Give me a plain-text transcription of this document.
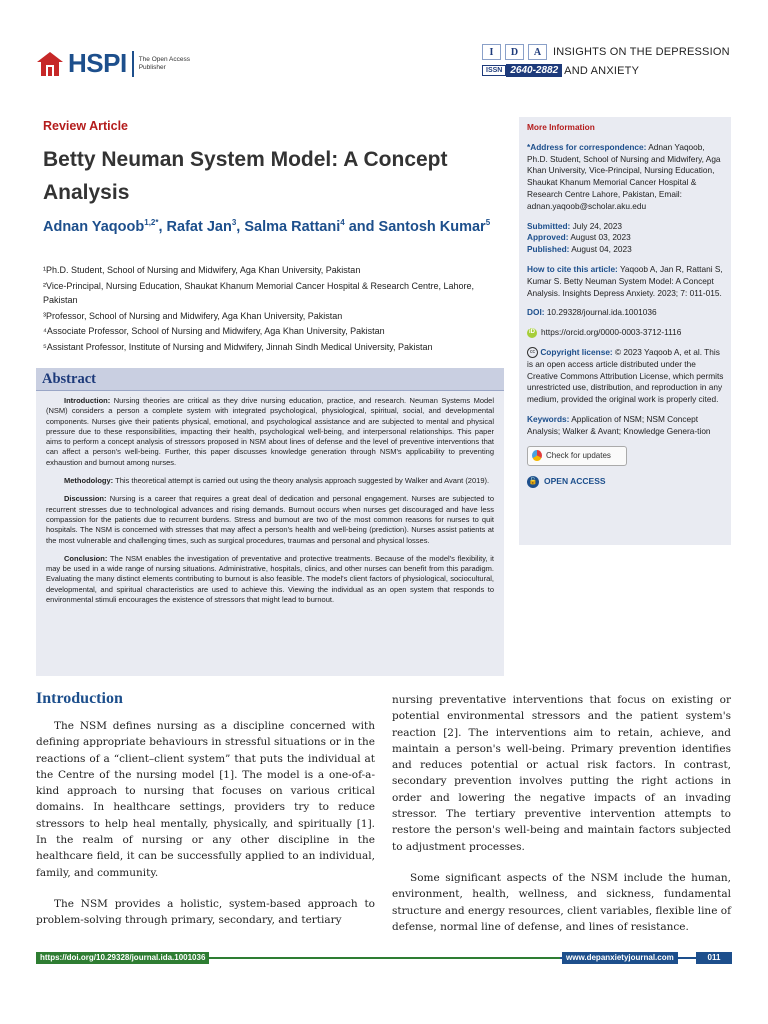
HSPI The Open Access Publisher
I	D	A	INSIGHTS ON THE DEPRESSION
ISSN 2640-2882 AND ANXIETY
Review Article
Betty Neuman System Model: A Concept Analysis
Adnan Yaqoob$^{1,2*}$, Rafat Jan$^3$, Salma Rattani$^4$ and Santosh Kumar$^5$

¹Ph.D. Student, School of Nursing and Midwifery, Aga Khan University, Pakistan

²Vice-Principal, Nursing Education, Shaukat Khanum Memorial Cancer Hospital & Research Centre, Lahore, Pakistan

³Professor, School of Nursing and Midwifery, Aga Khan University, Pakistan

⁴Associate Professor, School of Nursing and Midwifery, Aga Khan University, Pakistan

⁵Assistant Professor, Institute of Nursing and Midwifery, Jinnah Sindh Medical University, Pakistan

Abstract

Introduction: Nursing theories are critical as they drive nursing education, practice, and research. Neuman Systems Model (NSM) considers a person a complete system with integrated psychological, physiological, spiritual, social, and developmental components. Nurses give their patients physical, emotional, and psychological assistance and are subjected to mental and physical pressure due to these responsibilities, impacting their health, psychological well-being, and interpersonal relationships. This paper aims to perform a concept analysis of stressors proposed in NSM about lines of defense and the level of preventive interventions that can affect a person's well-being. Further, this paper discusses knowledge generation through NSM's applicability to preventing exhaustion and burnout among nurses.

Methodology: This theoretical attempt is carried out using the theory analysis approach suggested by Walker and Avant (2019).

Discussion: Nursing is a career that requires a great deal of dedication and personal engagement. Nurses are subjected to recurrent stresses due to technological advances and rising demands. Burnout occurs when nurses get discouraged and have less compassion for the patients due to recurrent burdens. Stress and burnout are two of the most common reasons for nurses to quit hospitals. The NSM is concerned with stresses that may affect a person's health and well-being (prediction). Nurses assist patients at the most vulnerable and challenging times, such as surgical procedures, traumas and personal and physical losses.

Conclusion: The NSM enables the investigation of preventative and protective treatments. Because of the model's flexibility, it may be used in a wide range of nursing situations. Administrative, hospitals, clinics, and other nurses can benefit from this paradigm. Evaluating the many distinct elements contributing to burnout is also feasible. The model's client factors of physiological, sociocultural, developmental, and spiritual characteristics are used to achieve this. Viewing the individual as an open system that responds to environmental stimuli encourages the existence of stressors that might lead to burnout.

More Information
*Address for correspondence: Adnan Yaqoob, Ph.D. Student, School of Nursing and Midwifery, Aga Khan University, Vice-Principal, Nursing Education, Shaukat Khanum Memorial Cancer Hospital & Research Centre Lahore, Pakistan, Email: adnan.yaqoob@scholar.aku.edu
Submitted: July 24, 2023
Approved: August 03, 2023
Published: August 04, 2023
How to cite this article: Yaqoob A, Jan R, Rattani S, Kumar S. Betty Neuman System Model: A Concept Analysis. Insights Depress Anxiety. 2023; 7: 011-015.
DOI: 10.29328/journal.ida.1001036
iD https://orcid.org/0000-0003-3712-1116
cc Copyright license: © 2023 Yaqoob A, et al. This is an open access article distributed under the Creative Commons Attribution License, which permits unrestricted use, distribution, and reproduction in any medium, provided the original work is properly cited.
Keywords: Application of NSM; NSM Concept Analysis; Walker & Avant; Knowledge Genera-tion
Check for updates
🔓 OPEN ACCESS
Introduction

The NSM defines nursing as a discipline concerned with defining appropriate behaviours in stressful situations or in the reactions of a “client–client system” that puts the individual at the Centre of the nursing model [1]. The model is a one-of-a-kind approach to nursing that focuses on various critical domains. In healthcare settings, providers try to reduce stressors to help heal mentally, physically, and spiritually [1]. In the realm of nursing or any other discipline in the healthcare field, it can be successfully applied to an individual, family, and community.

The NSM provides a holistic, system-based approach to problem-solving through primary, secondary, and tertiary

nursing preventative interventions that focus on existing or potential environmental stressors and the patient system's reaction [2]. The interventions aim to retain, achieve, and maintain a person's well-being. Primary prevention identifies and reduces potential or actual risk factors. In contrast, secondary prevention involves putting the right actions in order and lowering the negative impacts of an invading stressor. The tertiary preventive intervention attempts to restore the person's well-being and maintain factors subjected to adjustment processes.

Some significant aspects of the NSM include the human, environment, health, wellness, and sickness, fundamental structure and energy resources, client variables, flexible line of defense, normal line of defense, and lines of resistance.

https://doi.org/10.29328/journal.ida.1001036	www.depanxietyjournal.com	011
